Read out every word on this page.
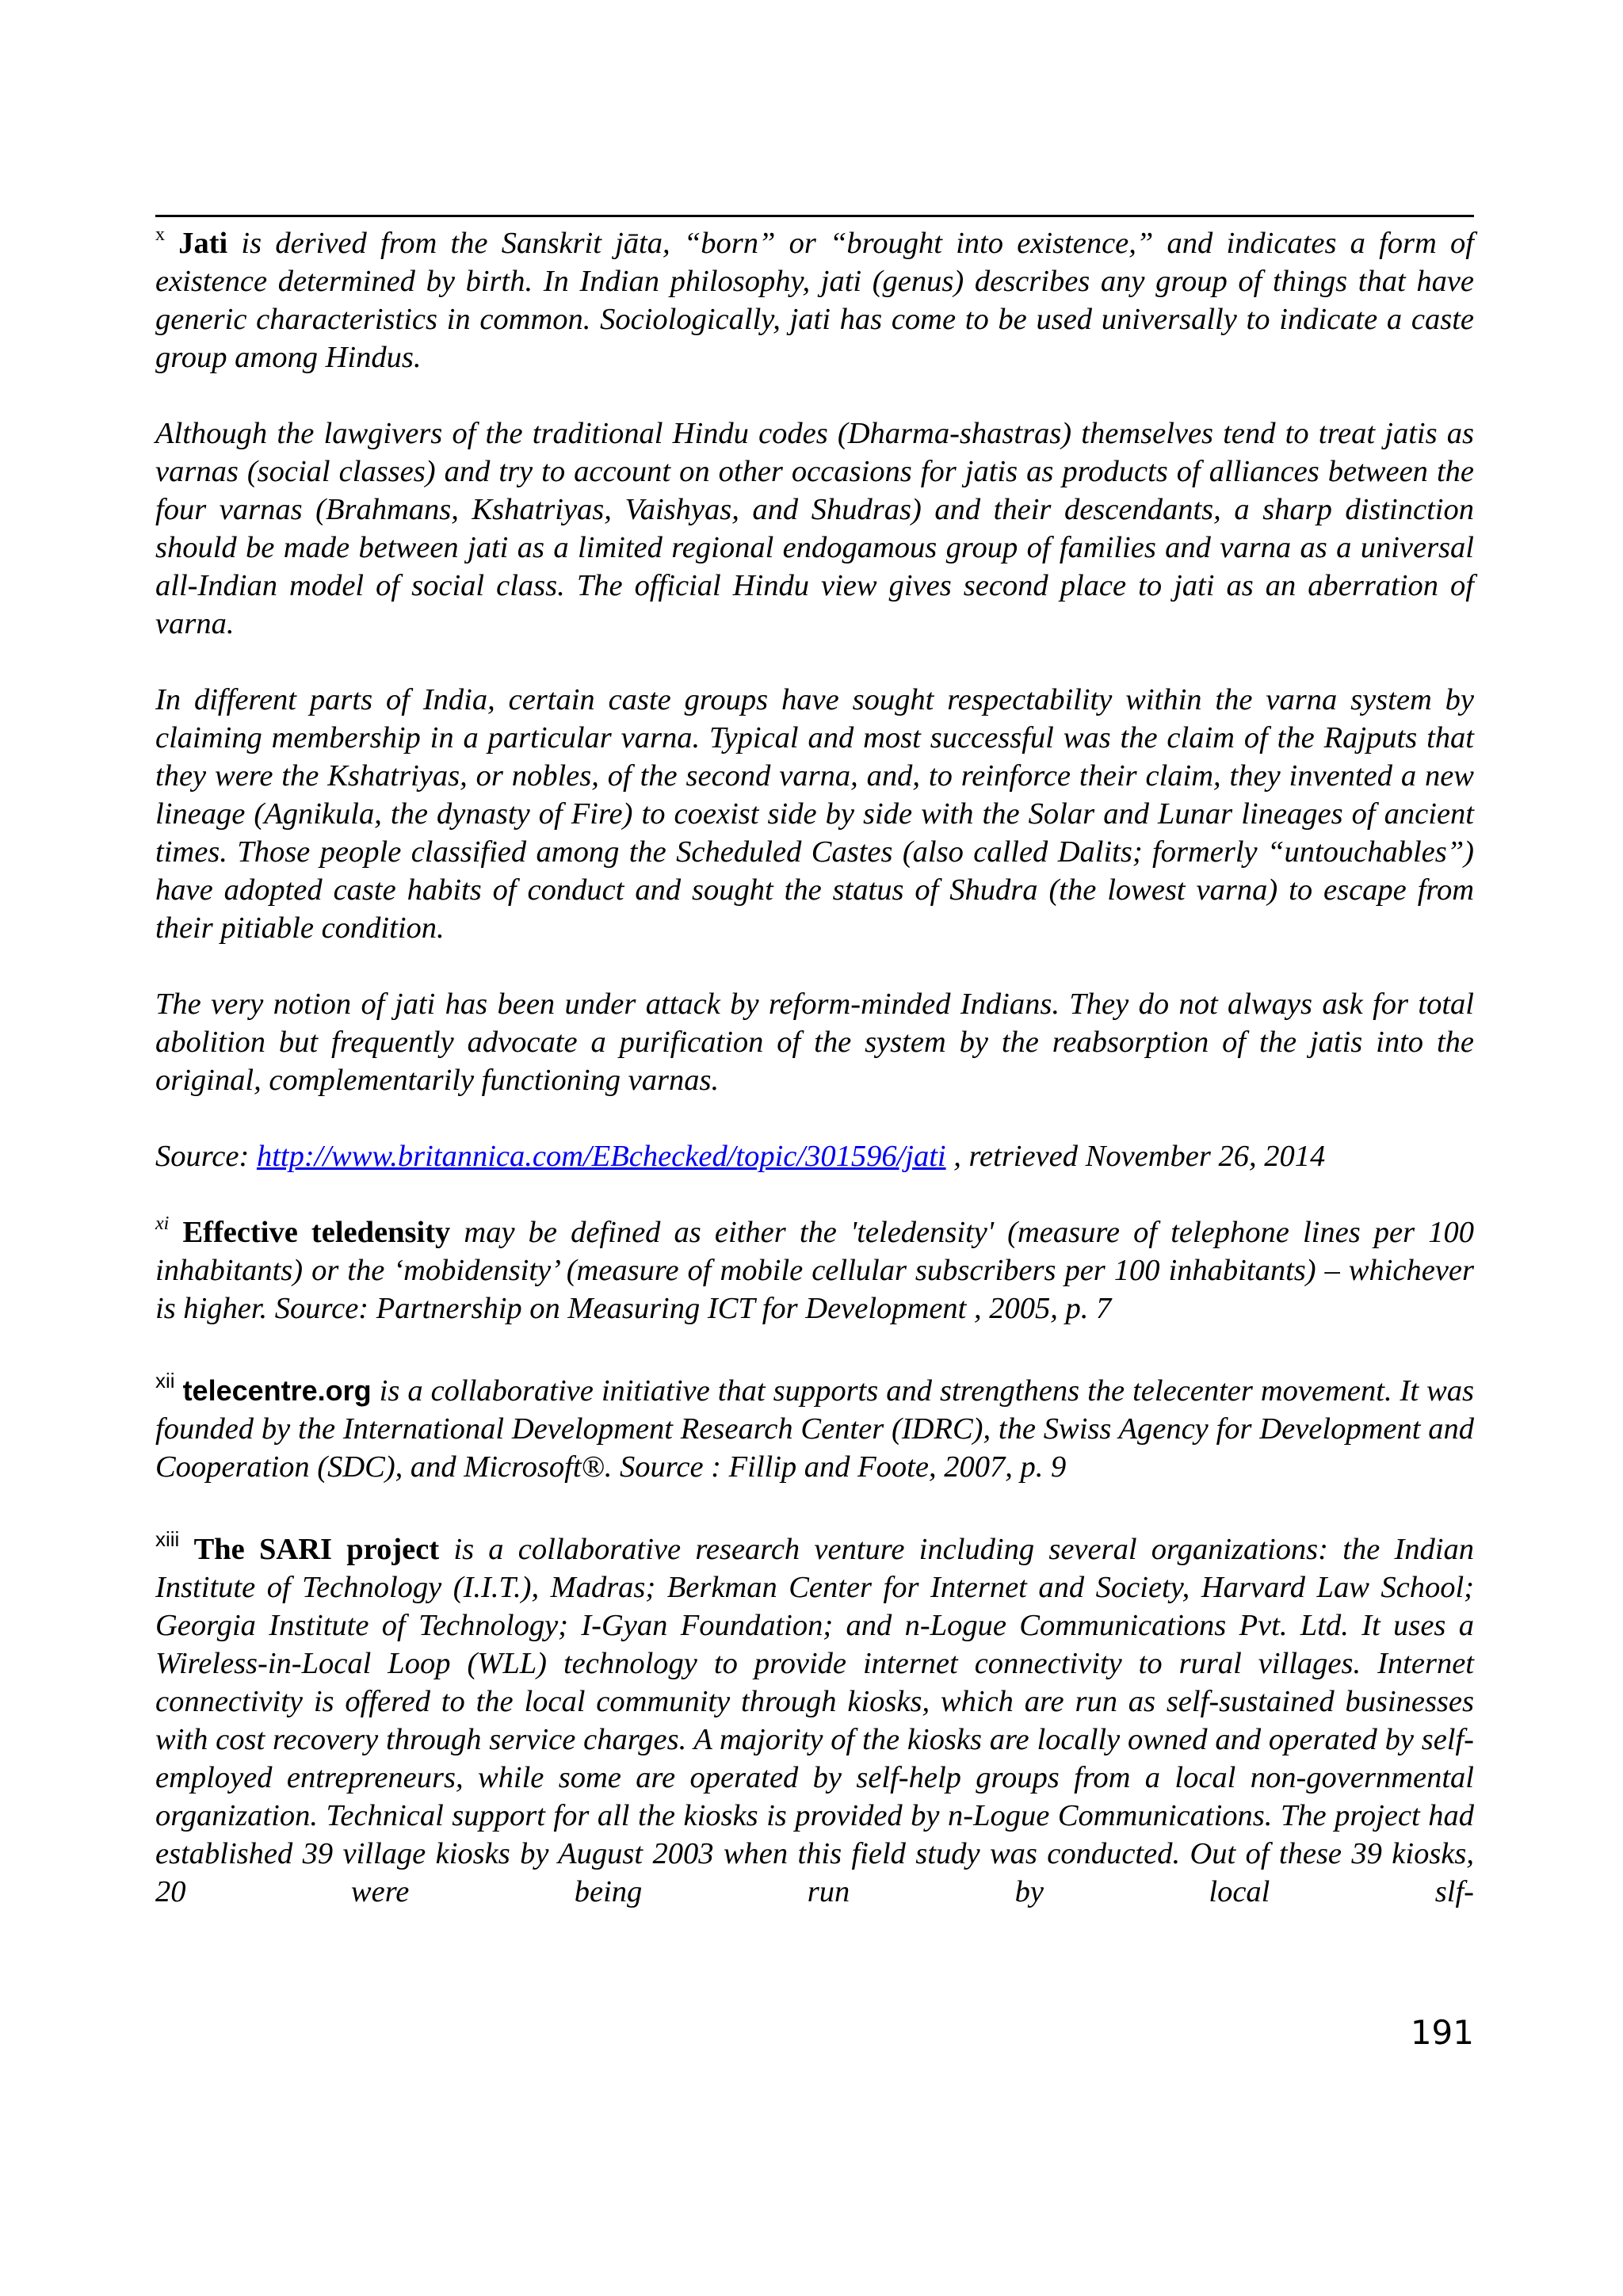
$^x$ Jati is derived from the Sanskrit jāta, “born” or “brought into existence,” and indicates a form of existence determined by birth. In Indian philosophy, jati (genus) describes any group of things that have generic characteristics in common. Sociologically, jati has come to be used universally to indicate a caste group among Hindus.

Although the lawgivers of the traditional Hindu codes (Dharma-shastras) themselves tend to treat jatis as varnas (social classes) and try to account on other occasions for jatis as products of alliances between the four varnas (Brahmans, Kshatriyas, Vaishyas, and Shudras) and their descendants, a sharp distinction should be made between jati as a limited regional endogamous group of families and varna as a universal all-Indian model of social class. The official Hindu view gives second place to jati as an aberration of varna.

In different parts of India, certain caste groups have sought respectability within the varna system by claiming membership in a particular varna. Typical and most successful was the claim of the Rajputs that they were the Kshatriyas, or nobles, of the second varna, and, to reinforce their claim, they invented a new lineage (Agnikula, the dynasty of Fire) to coexist side by side with the Solar and Lunar lineages of ancient times. Those people classified among the Scheduled Castes (also called Dalits; formerly “untouchables”) have adopted caste habits of conduct and sought the status of Shudra (the lowest varna) to escape from their pitiable condition.

The very notion of jati has been under attack by reform-minded Indians. They do not always ask for total abolition but frequently advocate a purification of the system by the reabsorption of the jatis into the original, complementarily functioning varnas.

Source: http://www.britannica.com/EBchecked/topic/301596/jati , retrieved November 26, 2014

$^{xi}$ Effective teledensity may be defined as either the 'teledensity' (measure of telephone lines per 100 inhabitants) or the ‘mobidensity’ (measure of mobile cellular subscribers per 100 inhabitants) – whichever is higher. Source: Partnership on Measuring ICT for Development , 2005, p. 7

$^{xii}$ telecentre.org is a collaborative initiative that supports and strengthens the telecenter movement. It was founded by the International Development Research Center (IDRC), the Swiss Agency for Development and Cooperation (SDC), and Microsoft®. Source : Fillip and Foote, 2007, p. 9

$^{xiii}$ The SARI project is a collaborative research venture including several organizations: the Indian Institute of Technology (I.I.T.), Madras; Berkman Center for Internet and Society, Harvard Law School; Georgia Institute of Technology; I-Gyan Foundation; and n-Logue Communications Pvt. Ltd. It uses a Wireless-in-Local Loop (WLL) technology to provide internet connectivity to rural villages. Internet connectivity is offered to the local community through kiosks, which are run as self-sustained businesses with cost recovery through service charges. A majority of the kiosks are locally owned and operated by self-employed entrepreneurs, while some are operated by self-help groups from a local non-governmental organization. Technical support for all the kiosks is provided by n-Logue Communications. The project had established 39 village kiosks by August 2003 when this field study was conducted. Out of these 39 kiosks, 20 were being run by local slf-

191
